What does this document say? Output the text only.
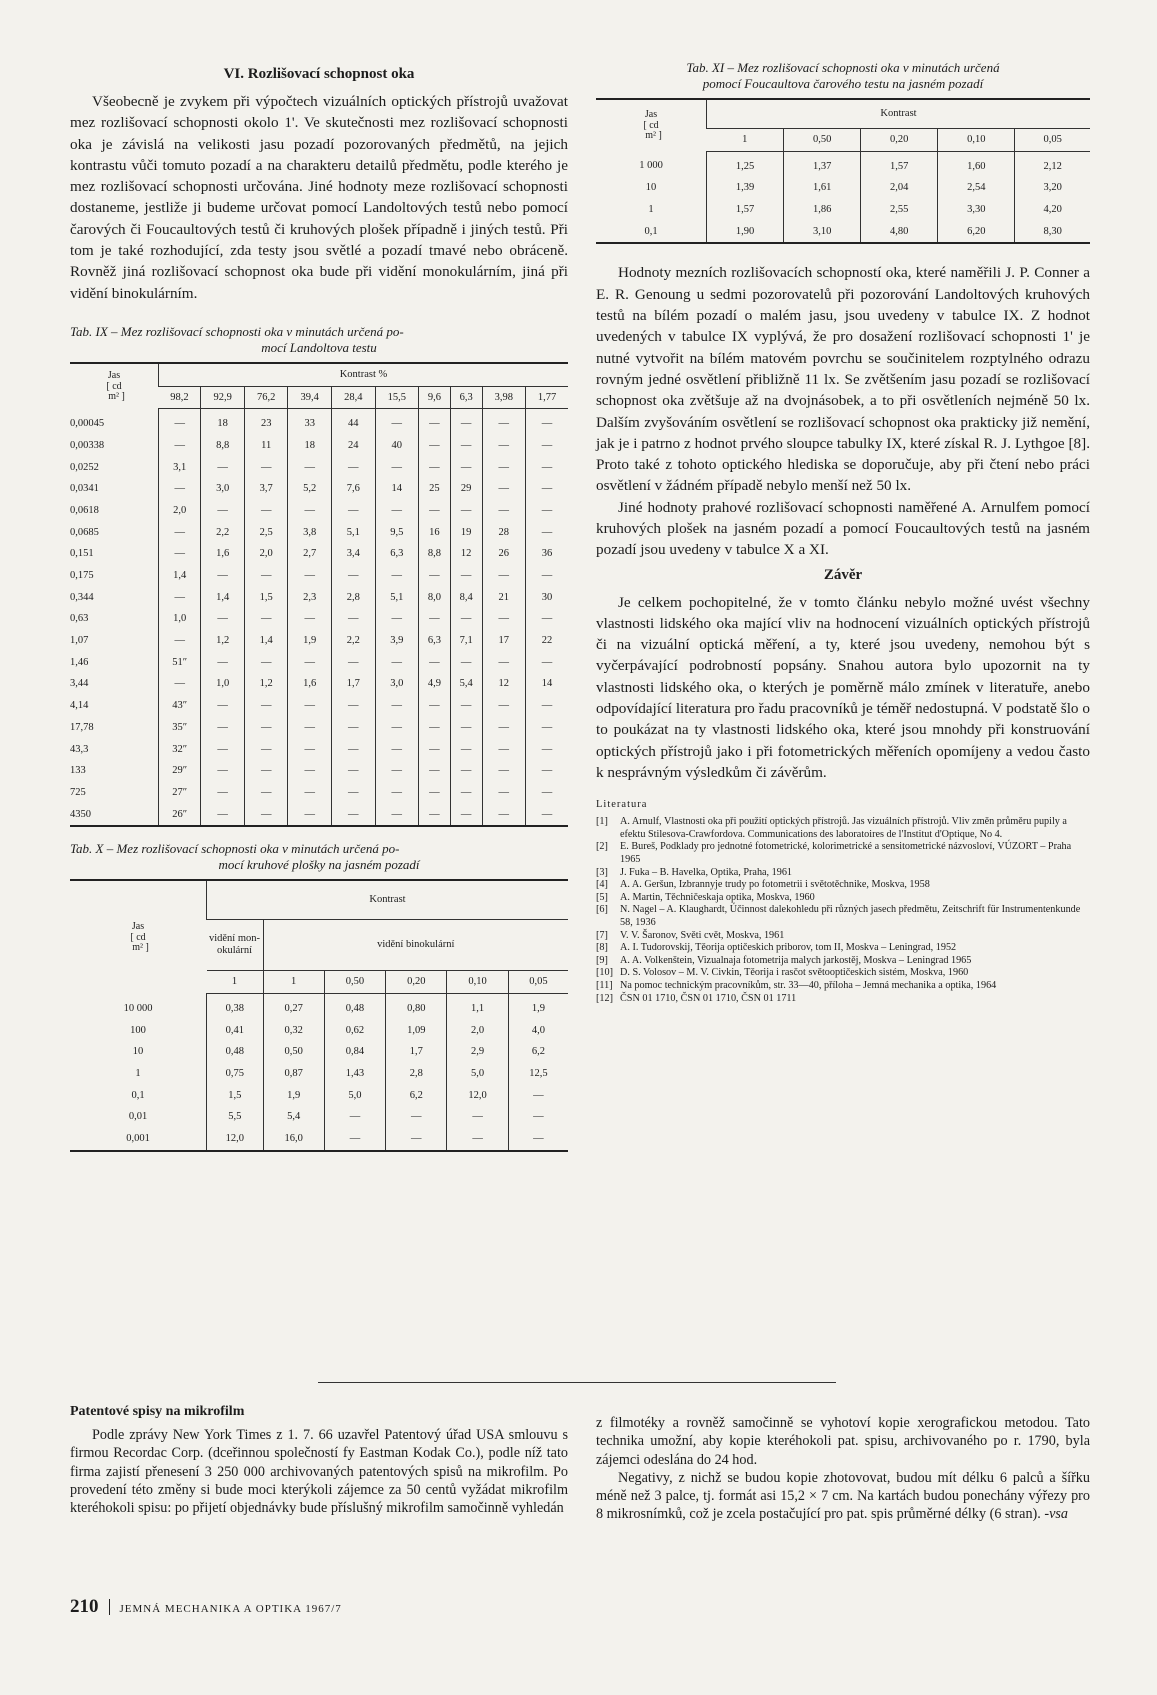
VI. Rozlišovací schopnost oka

Všeobecně je zvykem při výpočtech vizuálních optických přístrojů uvažovat mez rozlišovací schopnosti okolo 1'. Ve skutečnosti mez rozlišovací schopnosti oka je závislá na velikosti jasu pozadí pozorovaných předmětů, na jejich kontrastu vůči tomuto pozadí a na charakteru detailů předmětu, podle kterého je mez rozlišovací schopnosti určována. Jiné hodnoty meze rozlišovací schopnosti dostaneme, jestliže ji budeme určovat pomocí Landoltových testů nebo pomocí čarových či Foucaultových testů či kruhových plošek případně i jiných testů. Při tom je také rozhodující, zda testy jsou světlé a pozadí tmavé nebo obráceně. Rovněž jiná rozlišovací schopnost oka bude při vidění monokulárním, jiná při vidění binokulárním.

Tab. IX – Mez rozlišovací schopnosti oka v minutách určená po-
mocí Landoltova testu
Jas
[ cd
m² ]	Kontrast %									
	98,2	92,9	76,2	39,4	28,4	15,5	9,6	6,3	3,98	1,77
0,00045	—	18	23	33	44	—	—	—	—	—
0,00338	—	8,8	11	18	24	40	—	—	—	—
0,0252	3,1	—	—	—	—	—	—	—	—	—
0,0341	—	3,0	3,7	5,2	7,6	14	25	29	—	—
0,0618	2,0	—	—	—	—	—	—	—	—	—
0,0685	—	2,2	2,5	3,8	5,1	9,5	16	19	28	—
0,151	—	1,6	2,0	2,7	3,4	6,3	8,8	12	26	36
0,175	1,4	—	—	—	—	—	—	—	—	—
0,344	—	1,4	1,5	2,3	2,8	5,1	8,0	8,4	21	30
0,63	1,0	—	—	—	—	—	—	—	—	—
1,07	—	1,2	1,4	1,9	2,2	3,9	6,3	7,1	17	22
1,46	51″	—	—	—	—	—	—	—	—	—
3,44	—	1,0	1,2	1,6	1,7	3,0	4,9	5,4	12	14
4,14	43″	—	—	—	—	—	—	—	—	—
17,78	35″	—	—	—	—	—	—	—	—	—
43,3	32″	—	—	—	—	—	—	—	—	—
133	29″	—	—	—	—	—	—	—	—	—
725	27″	—	—	—	—	—	—	—	—	—
4350	26″	—	—	—	—	—	—	—	—	—
Tab. X – Mez rozlišovací schopnosti oka v minutách určená po-
mocí kruhové plošky na jasném pozadí
Jas
[ cd
m² ]	Kontrast					
	vidění mon- okulární	vidění binokulární				
	1	1	0,50	0,20	0,10	0,05
10 000	0,38	0,27	0,48	0,80	1,1	1,9
100	0,41	0,32	0,62	1,09	2,0	4,0
10	0,48	0,50	0,84	1,7	2,9	6,2
1	0,75	0,87	1,43	2,8	5,0	12,5
0,1	1,5	1,9	5,0	6,2	12,0	—
0,01	5,5	5,4	—	—	—	—
0,001	12,0	16,0	—	—	—	—
Tab. XI – Mez rozlišovací schopnosti oka v minutách určená
pomocí Foucaultova čarového testu na jasném pozadí
Jas
[ cd
m² ]	Kontrast				
	1	0,50	0,20	0,10	0,05
1 000	1,25	1,37	1,57	1,60	2,12
10	1,39	1,61	2,04	2,54	3,20
1	1,57	1,86	2,55	3,30	4,20
0,1	1,90	3,10	4,80	6,20	8,30

Hodnoty mezních rozlišovacích schopností oka, které naměřili J. P. Conner a E. R. Genoung u sedmi pozorovatelů při pozorování Landoltových kruhových testů na bílém pozadí o malém jasu, jsou uvedeny v tabulce IX. Z hodnot uvedených v tabulce IX vyplývá, že pro dosažení rozlišovací schopnosti 1' je nutné vytvořit na bílém matovém povrchu se součinitelem rozptylného odrazu rovným jedné osvětlení přibližně 11 lx. Se zvětšením jasu pozadí se rozlišovací schopnost oka zvětšuje až na dvojnásobek, a to při osvětleních nejméně 50 lx. Dalším zvyšováním osvětlení se rozlišovací schopnost oka prakticky již nemění, jak je i patrno z hodnot prvého sloupce tabulky IX, které získal R. J. Lythgoe [8]. Proto také z tohoto optického hlediska se doporučuje, aby při čtení nebo práci osvětlení v žádném případě nebylo menší než 50 lx.

Jiné hodnoty prahové rozlišovací schopnosti naměřené A. Arnulfem pomocí kruhových plošek na jasném pozadí a pomocí Foucaultových testů na jasném pozadí jsou uvedeny v tabulce X a XI.

Závěr

Je celkem pochopitelné, že v tomto článku nebylo možné uvést všechny vlastnosti lidského oka mající vliv na hodnocení vizuálních optických přístrojů či na vizuální optická měření, a ty, které jsou uvedeny, nemohou být s vyčerpávající podrobností popsány. Snahou autora bylo upozornit na ty vlastnosti lidského oka, o kterých je poměrně málo zmínek v literatuře, anebo odpovídající literatura pro řadu pracovníků je téměř nedostupná. V podstatě šlo o to poukázat na ty vlastnosti lidského oka, které jsou mnohdy při konstruování optických přístrojů jako i při fotometrických měřeních opomíjeny a vedou často k nesprávným výsledkům či závěrům.

Literatura
[1]	A. Arnulf, Vlastnosti oka při použití optických přístrojů. Jas vizuálních přístrojů. Vliv změn průměru pupily a efektu Stilesova-Crawfordova. Communications des laboratoires de l'Institut d'Optique, No 4.
[2]	E. Bureš, Podklady pro jednotné fotometrické, kolorimetrické a sensitometrické názvosloví, VÚZORT – Praha 1965
[3]	J. Fuka – B. Havelka, Optika, Praha, 1961
[4]	A. A. Geršun, Izbrannyje trudy po fotometrii i světotěchnike, Moskva, 1958
[5]	A. Martin, Těchničeskaja optika, Moskva, 1960
[6]	N. Nagel – A. Klaughardt, Účinnost dalekohledu při různých jasech předmětu, Zeitschrift für Instrumentenkunde 58, 1936
[7]	V. V. Šaronov, Světi cvět, Moskva, 1961
[8]	A. I. Tudorovskij, Těorija optičeskich priborov, tom II, Moskva – Leningrad, 1952
[9]	A. A. Volkenštein, Vizualnaja fotometrija malych jarkostěj, Moskva – Leningrad 1965
[10] D. S. Volosov – M. V. Civkin, Těorija i rasčot světooptičeskich sistém, Moskva, 1960
[11] Na pomoc technickým pracovníkům, str. 33—40, příloha – Jemná mechanika a optika, 1964
[12] ČSN 01 1710, ČSN 01 1710, ČSN 01 1711
Patentové spisy na mikrofilm

Podle zprávy New York Times z 1. 7. 66 uzavřel Patentový úřad USA smlouvu s firmou Recordac Corp. (dceřinnou společností fy Eastman Kodak Co.), podle níž tato firma zajistí přenesení 3 250 000 archivovaných patentových spisů na mikrofilm. Po provedení této změny si bude moci kterýkoli zájemce za 50 centů vyžádat mikrofilm kteréhokoli spisu: po přijetí objednávky bude příslušný mikrofilm samočinně vyhledán

z filmotéky a rovněž samočinně se vyhotoví kopie xerografickou metodou. Tato technika umožní, aby kopie kteréhokoli pat. spisu, archivovaného po r. 1790, byla zájemci odeslána do 24 hod.

Negativy, z nichž se budou kopie zhotovovat, budou mít délku 6 palců a šířku méně než 3 palce, tj. formát asi 15,2 × 7 cm. Na kartách budou ponechány výřezy pro 8 mikrosnímků, což je zcela postačující pro pat. spis průměrné délky (6 stran). -vsa

210 JEMNÁ MECHANIKA A OPTIKA 1967/7
